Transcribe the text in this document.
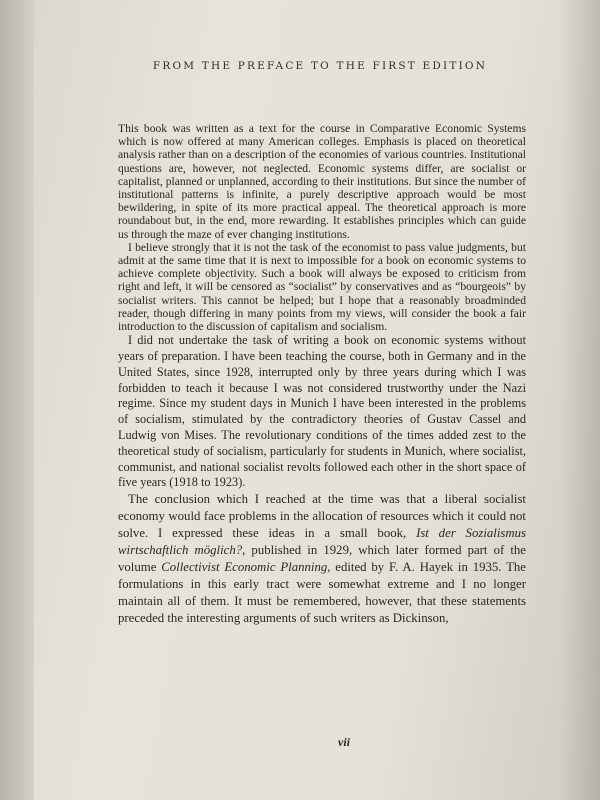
FROM THE PREFACE TO THE FIRST EDITION

This book was written as a text for the course in Comparative Economic Systems which is now offered at many American colleges. Emphasis is placed on theoretical analysis rather than on a description of the economies of various countries. Institutional questions are, however, not neglected. Economic systems differ, are socialist or capitalist, planned or unplanned, according to their institutions. But since the number of institutional patterns is infinite, a purely descriptive approach would be most bewildering, in spite of its more practical appeal. The theoretical approach is more roundabout but, in the end, more rewarding. It establishes principles which can guide us through the maze of ever changing institutions.

I believe strongly that it is not the task of the economist to pass value judgments, but admit at the same time that it is next to impossible for a book on economic systems to achieve complete objectivity. Such a book will always be exposed to criticism from right and left, it will be censored as “socialist” by conservatives and as “bourgeois” by socialist writers. This cannot be helped; but I hope that a reasonably broadminded reader, though differing in many points from my views, will consider the book a fair introduction to the discussion of capitalism and socialism.

I did not undertake the task of writing a book on economic systems without years of preparation. I have been teaching the course, both in Germany and in the United States, since 1928, interrupted only by three years during which I was forbidden to teach it because I was not considered trustworthy under the Nazi regime. Since my student days in Munich I have been interested in the problems of socialism, stimulated by the contradictory theories of Gustav Cassel and Ludwig von Mises. The revolutionary conditions of the times added zest to the theoretical study of socialism, particularly for students in Munich, where socialist, communist, and national socialist revolts followed each other in the short space of five years (1918 to 1923).

The conclusion which I reached at the time was that a liberal socialist economy would face problems in the allocation of resources which it could not solve. I expressed these ideas in a small book, Ist der Sozialismus wirtschaftlich möglich?, published in 1929, which later formed part of the volume Collectivist Economic Planning, edited by F. A. Hayek in 1935. The formulations in this early tract were somewhat extreme and I no longer maintain all of them. It must be remembered, however, that these statements preceded the interesting arguments of such writers as Dickinson,

vii
